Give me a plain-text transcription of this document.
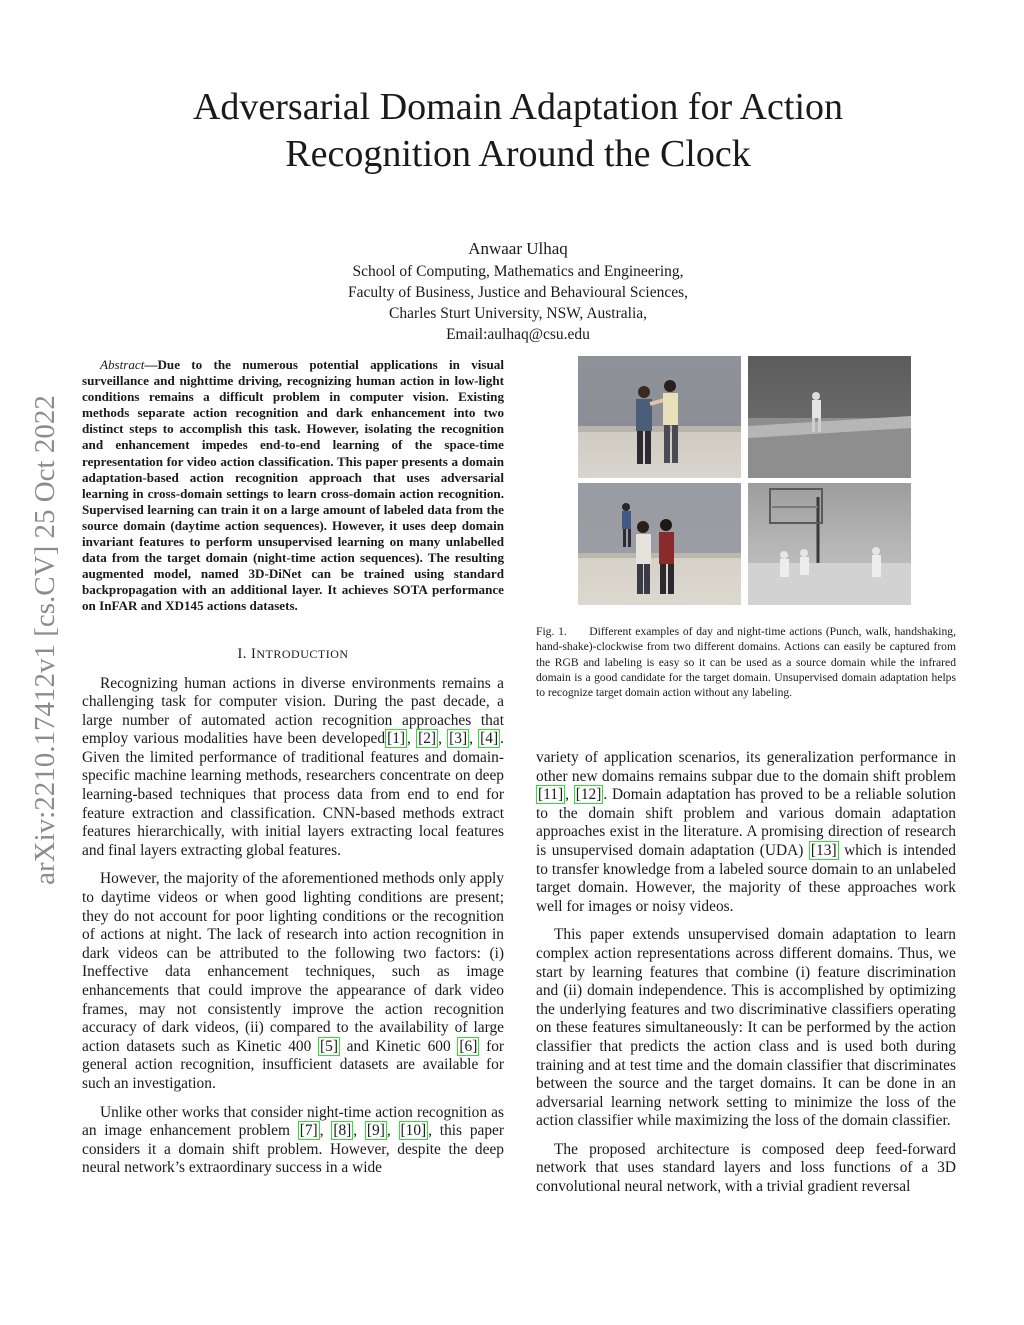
Adversarial Domain Adaptation for Action
Recognition Around the Clock
Anwaar Ulhaq
School of Computing, Mathematics and Engineering,
Faculty of Business, Justice and Behavioural Sciences,
Charles Sturt University, NSW, Australia,
Email:aulhaq@csu.edu
arXiv:2210.17412v1 [cs.CV] 25 Oct 2022

Abstract—Due to the numerous potential applications in visual surveillance and nighttime driving, recognizing human action in low-light conditions remains a difficult problem in computer vision. Existing methods separate action recognition and dark enhancement into two distinct steps to accomplish this task. However, isolating the recognition and enhancement impedes end-to-end learning of the space-time representation for video action classification. This paper presents a domain adaptation-based action recognition approach that uses adversarial learning in cross-domain settings to learn cross-domain action recognition. Supervised learning can train it on a large amount of labeled data from the source domain (daytime action sequences). However, it uses deep domain invariant features to perform unsupervised learning on many unlabelled data from the target domain (night-time action sequences). The resulting augmented model, named 3D-DiNet can be trained using standard backpropagation with an additional layer. It achieves SOTA performance on InFAR and XD145 actions datasets.

I. INTRODUCTION

Recognizing human actions in diverse environments remains a challenging task for computer vision. During the past decade, a large number of automated action recognition approaches that employ various modalities have been developed [1] , [2] , [3] , [4] . Given the limited performance of traditional features and domain-specific machine learning methods, researchers concentrate on deep learning-based techniques that process data from end to end for feature extraction and classification. CNN-based methods extract features hierarchically, with initial layers extracting local features and final layers extracting global features.

However, the majority of the aforementioned methods only apply to daytime videos or when good lighting conditions are present; they do not account for poor lighting conditions or the recognition of actions at night. The lack of research into action recognition in dark videos can be attributed to the following two factors: (i) Ineffective data enhancement techniques, such as image enhancements that could improve the appearance of dark video frames, may not consistently improve the action recognition accuracy of dark videos, (ii) compared to the availability of large action datasets such as Kinetic 400 [5] and Kinetic 600 [6] for general action recognition, insufficient datasets are available for such an investigation.

Unlike other works that consider night-time action recognition as an image enhancement problem [7] , [8] , [9] , [10] , this paper considers it a domain shift problem. However, despite the deep neural network’s extraordinary success in a wide

Fig. 1. Different examples of day and night-time actions (Punch, walk, handshaking, hand-shake)-clockwise from two different domains. Actions can easily be captured from the RGB and labeling is easy so it can be used as a source domain while the infrared domain is a good candidate for the target domain. Unsupervised domain adaptation helps to recognize target domain action without any labeling.

variety of application scenarios, its generalization performance in other new domains remains subpar due to the domain shift problem [11] , [12] . Domain adaptation has proved to be a reliable solution to the domain shift problem and various domain adaptation approaches exist in the literature. A promising direction of research is unsupervised domain adaptation (UDA) [13] which is intended to transfer knowledge from a labeled source domain to an unlabeled target domain. However, the majority of these approaches work well for images or noisy videos.

This paper extends unsupervised domain adaptation to learn complex action representations across different domains. Thus, we start by learning features that combine (i) feature discrimination and (ii) domain independence. This is accomplished by optimizing the underlying features and two discriminative classifiers operating on these features simultaneously: It can be performed by the action classifier that predicts the action class and is used both during training and at test time and the domain classifier that discriminates between the source and the target domains. It can be done in an adversarial learning network setting to minimize the loss of the action classifier while maximizing the loss of the domain classifier.

The proposed architecture is composed deep feed-forward network that uses standard layers and loss functions of a 3D convolutional neural network, with a trivial gradient reversal
